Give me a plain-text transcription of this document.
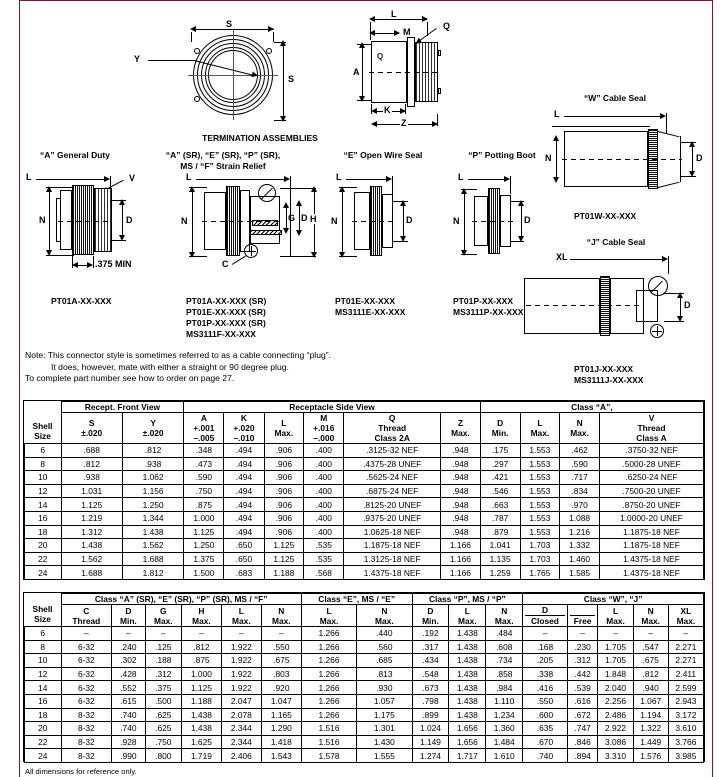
S
S
Y
L
M
Q
A
Q
K
Z
TERMINATION ASSEMBLIES
“A” General Duty	“A” (SR), “E” (SR), “P” (SR),
MS / “F” Strain Relief
“E” Open Wire Seal	“P” Potting Boot
“W” Cable Seal
“J” Cable Seal
L	V
N	D
.375 MIN
L
C
N	G D H
L
N	D
L
N	D
L
N	D
XL
D
PT01A-XX-XXX	PT01A-XX-XXX (SR)
PT01E-XX-XXX (SR)
PT01P-XX-XXX (SR)
MS3111F-XX-XXX
PT01E-XX-XXX
MS3111E-XX-XXX
PT01P-XX-XXX
MS3111P-XX-XXX
PT01W-XX-XXX
PT01J-XX-XXX
MS3111J-XX-XXX
Note: This connector style is sometimes referred to as a cable connecting “plug”.
It does, however, mate with either a straight or 90 degree plug.
To complete part number see how to order on page 27.
Shell
Size	Recept. Front View		Receptacle Side View						Class “A”,			

S
±.020

Y
±.020

A
+.001
–.005

K
+.020
–.010

L
Max.

M
+.016
–.000

Q
Thread
Class 2A

Z
Max.

D
Min.

L
Max.

N
Max.

V
Thread
Class A

6	.688	.812	.348	.494	.906	.400	.3125-32 NEF	.948	.175	1.553	.462	.3750-32 NEF
8	.812	.938	.473	.494	.906	.400	.4375-28 UNEF	.948	.297	1.553	.590	.5000-28 UNEF
10	.938	1.062	.590	.494	.906	.400	.5625-24 NEF	.948	.421	1.553	.717	.6250-24 NEF
12	1.031	1.156	.750	.494	.906	.400	.6875-24 NEF	.948	.546	1.553	.834	.7500-20 UNEF
14	1.125	1.250	.875	.494	.906	.400	.8125-20 UNEF	.948	.663	1.553	.970	.8750-20 UNEF
16	1.219	1.344	1.000	.494	.906	.400	.9375-20 UNEF	.948	.787	1.553	1.088	1.0000-20 UNEF
18	1.312	1.438	1.125	.494	.906	.400	1.0625-18 NEF	.948	.879	1.553	1.216	1.1875-18 NEF
20	1.438	1.562	1.250	.650	1.125	.535	1.1875-18 NEF	1.166	1.041	1.703	1.332	1.1875-18 NEF
22	1.562	1.688	1.375	.650	1.125	.535	1.3125-18 NEF	1.166	1.135	1.703	1.460	1.4375-18 NEF
24	1.688	1.812	1.500	.683	1.188	.568	1.4375-18 NEF	1.166	1.259	1.765	1.585	1.4375-18 NEF
Shell
Size	Class “A” (SR), “E” (SR), “P” (SR), MS / “F”						Class “E”, MS / “E”		Class “P”, MS / “P”			Class “W”, “J”				

C
Thread

D
Min.

G
Max.

H
Max.

L
Max.

N
Max.

L
Max.

N
Max.

D
Min.

L
Max.

N
Max.

D
Closed	Free

L
Max.

N
Max.

XL
Max.

6	–	–	–	–	–	–	1.266	.440	.192	1.438	.484	–	–	–	–	–
8	6-32	.240	.125	.812	1.922	.550	1.266	.560	.317	1.438	.608	.168	.230	1.705	.547	2.271
10	6-32	.302	.188	.875	1.922	.675	1.266	.685	.434	1.438	.734	.205	.312	1.705	.675	2.271
12	6-32	.428	.312	1.000	1.922	.803	1.266	.813	.548	1.438	.858	.338	.442	1.848	.812	2.411
14	6-32	.552	.375	1.125	1.922	.920	1.266	.930	.673	1.438	.984	.416	.539	2.040	.940	2.599
16	6-32	.615	.500	1.188	2.047	1.047	1.266	1.057	.798	1.438	1.110	.550	.616	2.256	1.067	2.943
18	8-32	.740	.625	1.438	2.078	1.165	1.266	1.175	.899	1.438	1.234	.600	.672	2.486	1.194	3.172
20	8-32	.740	.625	1.438	2.344	1.290	1.516	1.301	1.024	1.656	1.360	.635	.747	2.922	1.322	3.610
22	8-32	.928	.750	1.625	2.344	1.418	1.516	1.430	1.149	1.656	1.484	.670	.846	3.086	1.449	3.766
24	8-32	.990	.800	1.719	2.406	1.543	1.578	1.555	1.274	1.717	1.610	.740	.894	3.310	1.576	3.985
All dimensions for reference only.
